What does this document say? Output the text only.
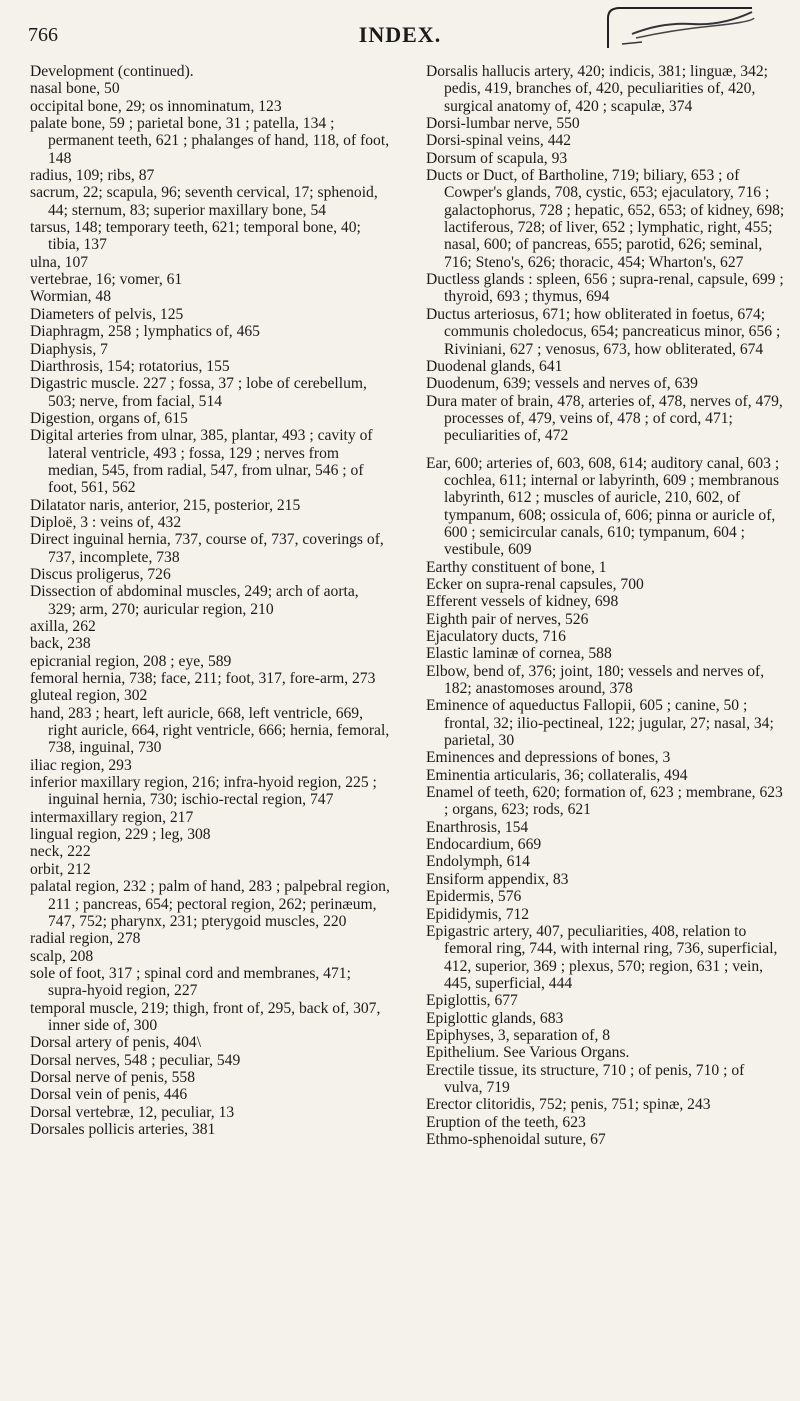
766	INDEX.
Development (continued).
nasal bone, 50
occipital bone, 29; os innominatum, 123
palate bone, 59 ; parietal bone, 31 ; patella, 134 ; permanent teeth, 621 ; phalanges of hand, 118, of foot, 148
radius, 109; ribs, 87
sacrum, 22; scapula, 96; seventh cervical, 17; sphenoid, 44; sternum, 83; superior maxillary bone, 54
tarsus, 148; temporary teeth, 621; temporal bone, 40; tibia, 137
ulna, 107
vertebrae, 16; vomer, 61
Wormian, 48
Diameters of pelvis, 125
Diaphragm, 258 ; lymphatics of, 465
Diaphysis, 7
Diarthrosis, 154; rotatorius, 155
Digastric muscle. 227 ; fossa, 37 ; lobe of cerebellum, 503; nerve, from facial, 514
Digestion, organs of, 615
Digital arteries from ulnar, 385, plantar, 493 ; cavity of lateral ventricle, 493 ; fossa, 129 ; nerves from median, 545, from radial, 547, from ulnar, 546 ; of foot, 561, 562
Dilatator naris, anterior, 215, posterior, 215
Diploë, 3 : veins of, 432
Direct inguinal hernia, 737, course of, 737, coverings of, 737, incomplete, 738
Discus proligerus, 726
Dissection of abdominal muscles, 249; arch of aorta, 329; arm, 270; auricular region, 210
axilla, 262
back, 238
epicranial region, 208 ; eye, 589
femoral hernia, 738; face, 211; foot, 317, fore-arm, 273
gluteal region, 302
hand, 283 ; heart, left auricle, 668, left ventricle, 669, right auricle, 664, right ventricle, 666; hernia, femoral, 738, inguinal, 730
iliac region, 293
inferior maxillary region, 216; infra-hyoid region, 225 ; inguinal hernia, 730; ischio-rectal region, 747
intermaxillary region, 217
lingual region, 229 ; leg, 308
neck, 222
orbit, 212
palatal region, 232 ; palm of hand, 283 ; palpebral region, 211 ; pancreas, 654; pectoral region, 262; perinæum, 747, 752; pharynx, 231; pterygoid muscles, 220
radial region, 278
scalp, 208
sole of foot, 317 ; spinal cord and membranes, 471; supra-hyoid region, 227
temporal muscle, 219; thigh, front of, 295, back of, 307, inner side of, 300
Dorsal artery of penis, 404\
Dorsal nerves, 548 ; peculiar, 549
Dorsal nerve of penis, 558
Dorsal vein of penis, 446
Dorsal vertebræ, 12, peculiar, 13
Dorsales pollicis arteries, 381
Dorsalis hallucis artery, 420; indicis, 381; linguæ, 342; pedis, 419, branches of, 420, peculiarities of, 420, surgical anatomy of, 420 ; scapulæ, 374
Dorsi-lumbar nerve, 550
Dorsi-spinal veins, 442
Dorsum of scapula, 93
Ducts or Duct, of Bartholine, 719; biliary, 653 ; of Cowper's glands, 708, cystic, 653; ejaculatory, 716 ; galactophorus, 728 ; hepatic, 652, 653; of kidney, 698; lactiferous, 728; of liver, 652 ; lymphatic, right, 455; nasal, 600; of pancreas, 655; parotid, 626; seminal, 716; Steno's, 626; thoracic, 454; Wharton's, 627
Ductless glands : spleen, 656 ; supra-renal, capsule, 699 ; thyroid, 693 ; thymus, 694
Ductus arteriosus, 671; how obliterated in foetus, 674; communis choledocus, 654; pancreaticus minor, 656 ; Riviniani, 627 ; venosus, 673, how obliterated, 674
Duodenal glands, 641
Duodenum, 639; vessels and nerves of, 639
Dura mater of brain, 478, arteries of, 478, nerves of, 479, processes of, 479, veins of, 478 ; of cord, 471; peculiarities of, 472
Ear, 600; arteries of, 603, 608, 614; auditory canal, 603 ; cochlea, 611; internal or labyrinth, 609 ; membranous labyrinth, 612 ; muscles of auricle, 210, 602, of tympanum, 608; ossicula of, 606; pinna or auricle of, 600 ; semicircular canals, 610; tympanum, 604 ; vestibule, 609
Earthy constituent of bone, 1
Ecker on supra-renal capsules, 700
Efferent vessels of kidney, 698
Eighth pair of nerves, 526
Ejaculatory ducts, 716
Elastic laminæ of cornea, 588
Elbow, bend of, 376; joint, 180; vessels and nerves of, 182; anastomoses around, 378
Eminence of aqueductus Fallopii, 605 ; canine, 50 ; frontal, 32; ilio-pectineal, 122; jugular, 27; nasal, 34; parietal, 30
Eminences and depressions of bones, 3
Eminentia articularis, 36; collateralis, 494
Enamel of teeth, 620; formation of, 623 ; membrane, 623 ; organs, 623; rods, 621
Enarthrosis, 154
Endocardium, 669
Endolymph, 614
Ensiform appendix, 83
Epidermis, 576
Epididymis, 712
Epigastric artery, 407, peculiarities, 408, relation to femoral ring, 744, with internal ring, 736, superficial, 412, superior, 369 ; plexus, 570; region, 631 ; vein, 445, superficial, 444
Epiglottis, 677
Epiglottic glands, 683
Epiphyses, 3, separation of, 8
Epithelium. See Various Organs.
Erectile tissue, its structure, 710 ; of penis, 710 ; of vulva, 719
Erector clitoridis, 752; penis, 751; spinæ, 243
Eruption of the teeth, 623
Ethmo-sphenoidal suture, 67
